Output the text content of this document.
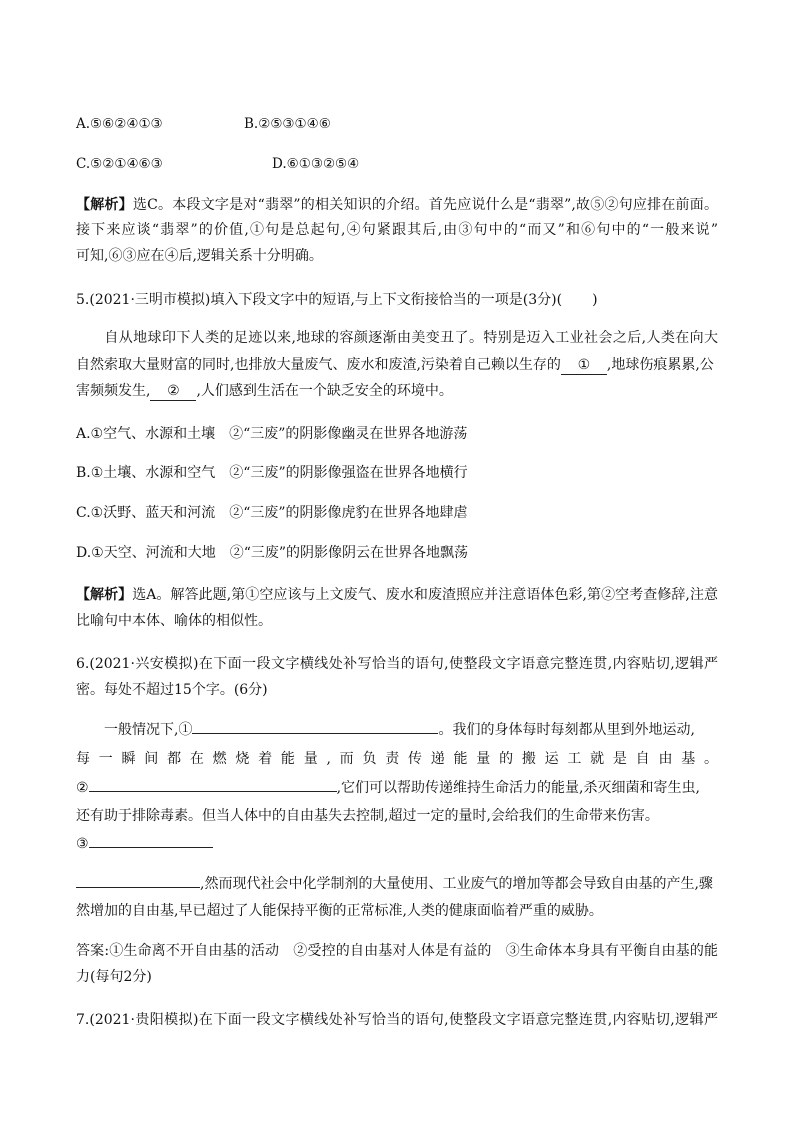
A.⑤⑥②④①③	B.②⑤③①④⑥
C.⑤②①④⑥③	D.⑥①③②⑤④
【解析】选C。本段文字是对“翡翠”的相关知识的介绍。首先应说什么是“翡翠”,故⑤②句应排在前面。
接下来应谈“翡翠”的价值,①句是总起句,④句紧跟其后,由③句中的“而又”和⑥句中的“一般来说”
可知,⑥③应在④后,逻辑关系十分明确。
5.(2021·三明市模拟)填入下段文字中的短语,与上下文衔接恰当的一项是(3分)( )
自从地球印下人类的足迹以来,地球的容颜逐渐由美变丑了。特别是迈入工业社会之后,人类在向大
自然索取大量财富的同时,也排放大量废气、废水和废渣,污染着自己赖以生存的 ① ,地球伤痕累累,公
害频频发生, ② ,人们感到生活在一个缺乏安全的环境中。
A.①空气、水源和土壤　②“三废”的阴影像幽灵在世界各地游荡
B.①土壤、水源和空气　②“三废”的阴影像强盗在世界各地横行
C.①沃野、蓝天和河流　②“三废”的阴影像虎豹在世界各地肆虐
D.①天空、河流和大地　②“三废”的阴影像阴云在世界各地飘荡
【解析】选A。解答此题,第①空应该与上文废气、废水和废渣照应并注意语体色彩,第②空考查修辞,注意
比喻句中本体、喻体的相似性。
6.(2021·兴安模拟)在下面一段文字横线处补写恰当的语句,使整段文字语意完整连贯,内容贴切,逻辑严
密。每处不超过15个字。(6分)
一般情况下,①	。我们的身体每时每刻都从里到外地运动,
每一瞬间都在燃烧着能量,而负责传递能量的搬运工就是自由基。
②	,它们可以帮助传递维持生命活力的能量,杀灭细菌和寄生虫,
还有助于排除毒素。但当人体中的自由基失去控制,超过一定的量时,会给我们的生命带来伤害。
③
,然而现代社会中化学制剂的大量使用、工业废气的增加等都会导致自由基的产生,骤
然增加的自由基,早已超过了人能保持平衡的正常标准,人类的健康面临着严重的威胁。
答案:①生命离不开自由基的活动　②受控的自由基对人体是有益的　③生命体本身具有平衡自由基的能
力(每句2分)
7.(2021·贵阳模拟)在下面一段文字横线处补写恰当的语句,使整段文字语意完整连贯,内容贴切,逻辑严
